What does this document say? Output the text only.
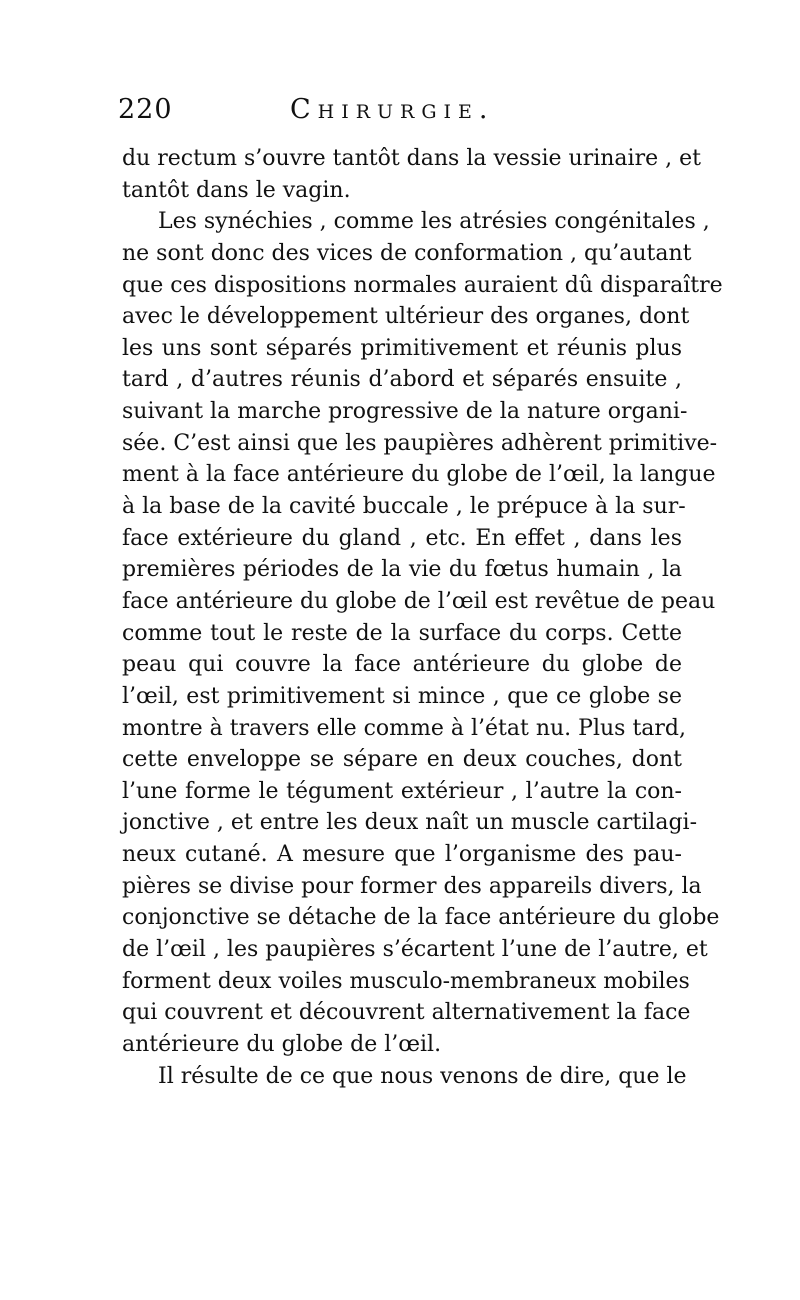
220	Chirurgie.
du rectum s’ouvre tantôt dans la vessie urinaire , et
tantôt dans le vagin.
Les synéchies , comme les atrésies congénitales ,
ne sont donc des vices de conformation , qu’autant
que ces dispositions normales auraient dû disparaître
avec le développement ultérieur des organes, dont
les uns sont séparés primitivement et réunis plus
tard , d’autres réunis d’abord et séparés ensuite ,
suivant la marche progressive de la nature organi-
sée. C’est ainsi que les paupières adhèrent primitive-
ment à la face antérieure du globe de l’œil, la langue
à la base de la cavité buccale , le prépuce à la sur-
face extérieure du gland , etc. En effet , dans les
premières périodes de la vie du fœtus humain , la
face antérieure du globe de l’œil est revêtue de peau
comme tout le reste de la surface du corps. Cette
peau qui couvre la face antérieure du globe de
l’œil, est primitivement si mince , que ce globe se
montre à travers elle comme à l’état nu. Plus tard,
cette enveloppe se sépare en deux couches, dont
l’une forme le tégument extérieur , l’autre la con-
jonctive , et entre les deux naît un muscle cartilagi-
neux cutané. A mesure que l’organisme des pau-
pières se divise pour former des appareils divers, la
conjonctive se détache de la face antérieure du globe
de l’œil , les paupières s’écartent l’une de l’autre, et
forment deux voiles musculo-membraneux mobiles
qui couvrent et découvrent alternativement la face
antérieure du globe de l’œil.
Il résulte de ce que nous venons de dire, que le
